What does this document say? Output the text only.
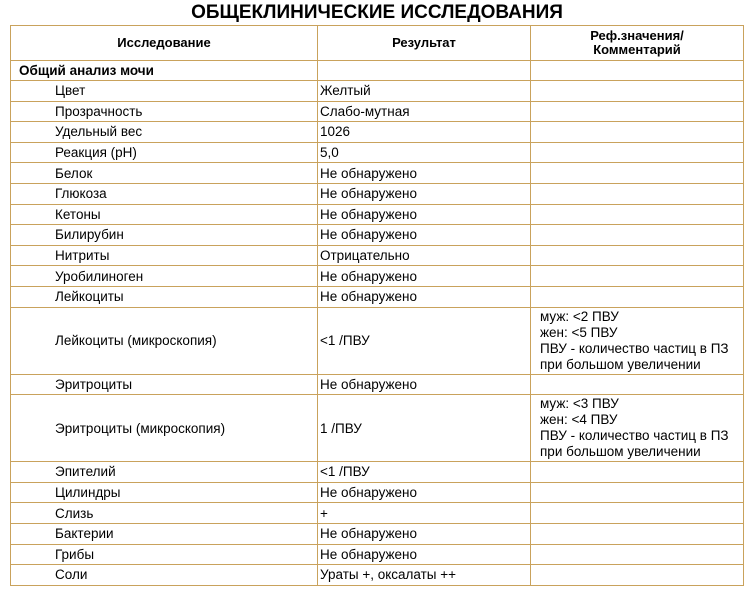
ОБЩЕКЛИНИЧЕСКИЕ ИССЛЕДОВАНИЯ		
Исследование	Результат	Реф.значения/
Комментарий

Общий анализ мочи		
Цвет	Желтый	
Прозрачность	Слабо-мутная	
Удельный вес	1026	
Реакция (pH)	5,0	
Белок	Не обнаружено	
Глюкоза	Не обнаружено	
Кетоны	Не обнаружено	
Билирубин	Не обнаружено	
Нитриты	Отрицательно	
Уробилиноген	Не обнаружено	
Лейкоциты	Не обнаружено	
Лейкоциты (микроскопия)	<1 /ПВУ	муж: <2 ПВУ
жен: <5 ПВУ
ПВУ - количество частиц в ПЗ
при большом увеличении

Эритроциты	Не обнаружено	
Эритроциты (микроскопия)	1 /ПВУ	муж: <3 ПВУ
жен: <4 ПВУ
ПВУ - количество частиц в ПЗ
при большом увеличении

Эпителий	<1 /ПВУ	
Цилиндры	Не обнаружено	
Слизь	+	
Бактерии	Не обнаружено	
Грибы	Не обнаружено	
Соли	Ураты +, оксалаты ++	
